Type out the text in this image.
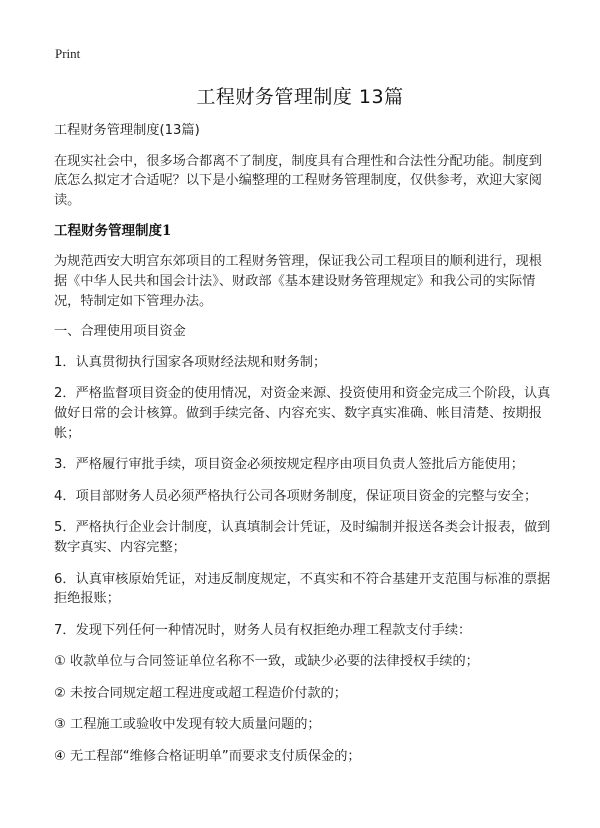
Print
工程财务管理制度 13篇

工程财务管理制度(13篇)

在现实社会中，很多场合都离不了制度，制度具有合理性和合法性分配功能。制度到底怎么拟定才合适呢？以下是小编整理的工程财务管理制度，仅供参考，欢迎大家阅读。

工程财务管理制度1

为规范西安大明宫东郊项目的工程财务管理，保证我公司工程项目的顺利进行，现根据《中华人民共和国会计法》、财政部《基本建设财务管理规定》和我公司的实际情况，特制定如下管理办法。

一、合理使用项目资金

1．认真贯彻执行国家各项财经法规和财务制；

2．严格监督项目资金的使用情况，对资金来源、投资使用和资金完成三个阶段，认真做好日常的会计核算。做到手续完备、内容充实、数字真实准确、帐目清楚、按期报帐；

3．严格履行审批手续，项目资金必须按规定程序由项目负责人签批后方能使用；

4．项目部财务人员必须严格执行公司各项财务制度，保证项目资金的完整与安全；

5．严格执行企业会计制度，认真填制会计凭证，及时编制并报送各类会计报表，做到数字真实、内容完整；

6．认真审核原始凭证，对违反制度规定，不真实和不符合基建开支范围与标准的票据拒绝报账；

7．发现下列任何一种情况时，财务人员有权拒绝办理工程款支付手续：

① 收款单位与合同签证单位名称不一致，或缺少必要的法律授权手续的；

② 未按合同规定超工程进度或超工程造价付款的；

③ 工程施工或验收中发现有较大质量问题的；

④ 无工程部“维修合格证明单”而要求支付质保金的；
